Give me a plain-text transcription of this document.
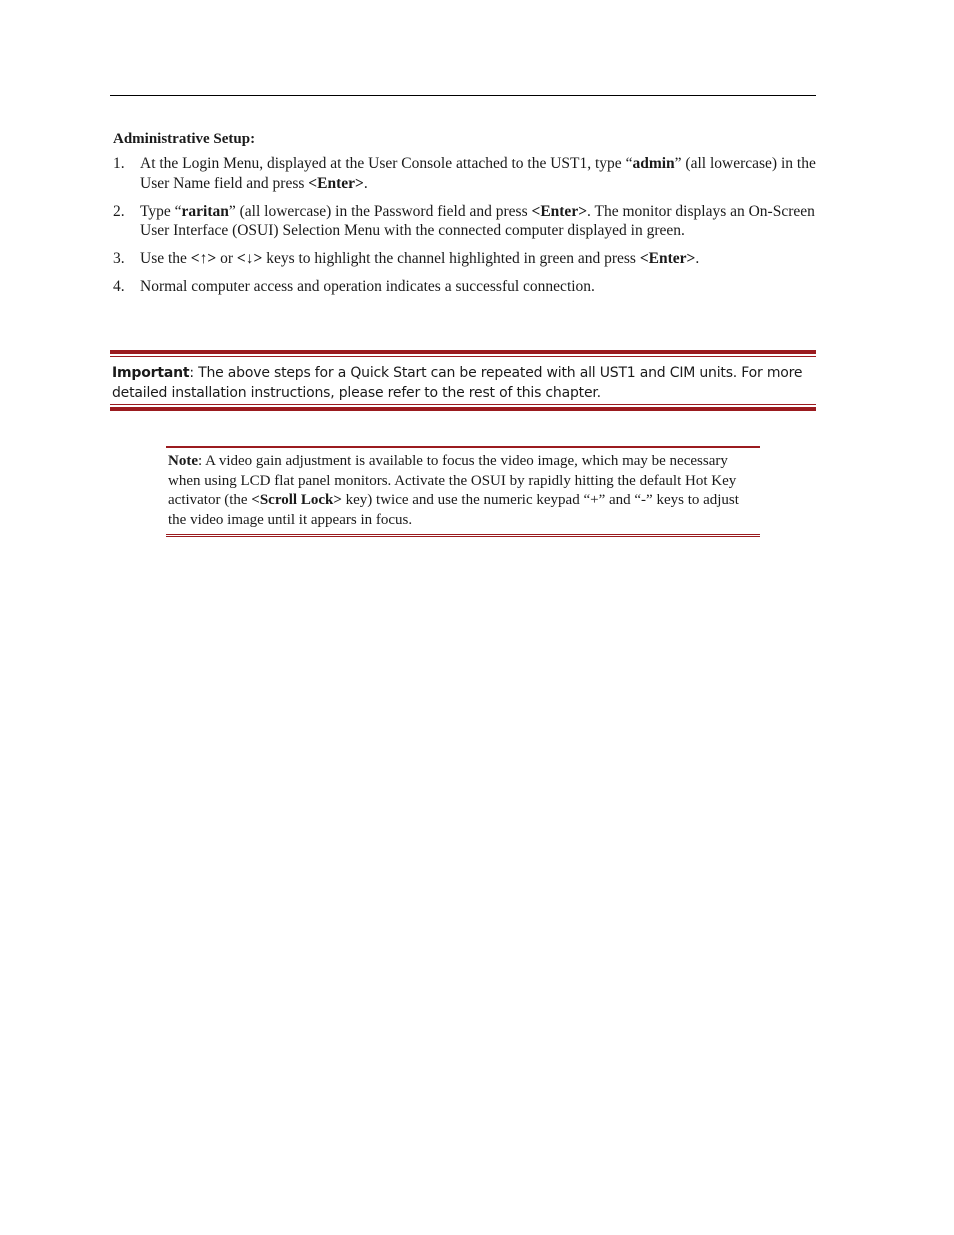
Administrative Setup:
1. At the Login Menu, displayed at the User Console attached to the UST1, type “admin” (all lowercase) in the User Name field and press <Enter>.
2. Type “raritan” (all lowercase) in the Password field and press <Enter>. The monitor displays an On-Screen User Interface (OSUI) Selection Menu with the connected computer displayed in green.
3. Use the <↑> or <↓> keys to highlight the channel highlighted in green and press <Enter>.
4. Normal computer access and operation indicates a successful connection.
Important: The above steps for a Quick Start can be repeated with all UST1 and CIM units. For more detailed installation instructions, please refer to the rest of this chapter.
Note: A video gain adjustment is available to focus the video image, which may be necessary when using LCD flat panel monitors. Activate the OSUI by rapidly hitting the default Hot Key activator (the <Scroll Lock> key) twice and use the numeric keypad “+” and “-” keys to adjust the video image until it appears in focus.
